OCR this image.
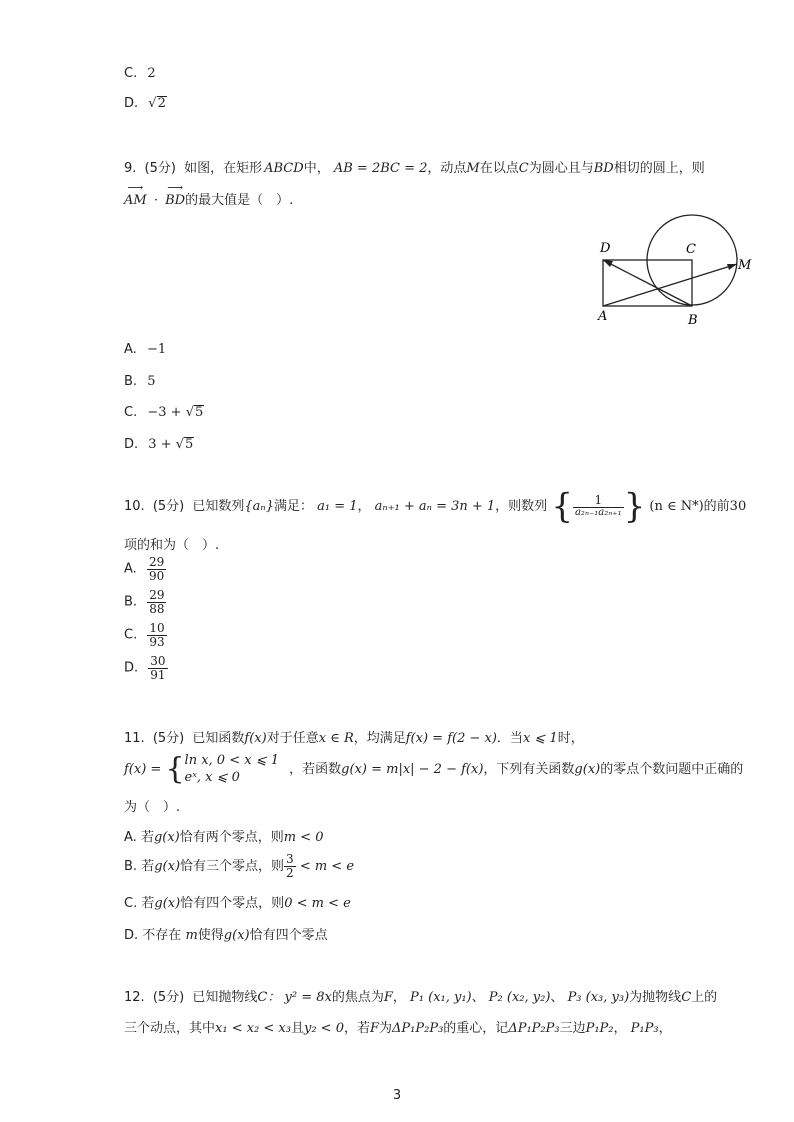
C. 2
D. √2
9. (5分) 如图，在矩形 ABCD中， AB = 2BC = 2，动点M在以点C为圆心且与BD相切的圆上，则
⟶ AM · ⟶ BD的最大值是（　）.
D	C
M
A	B
A. −1
B. 5
C. −3 + √5
D. 3 + √5
10. (5分) 已知数列{aₙ}满足： a₁ = 1， aₙ₊₁ + aₙ = 3n + 1，则数列 { $\frac{1}{\text{a₂ₙ₋₁a₂ₙ₊₁}}$ } (n ∈ N*)的前30
项的和为（　）.
A. $\frac{29}{90}$
B. $\frac{29}{88}$
C. $\frac{10}{93}$
D. $\frac{30}{91}$
11. (5分) 已知函数f(x)对于任意x ∈ R，均满足f(x) = f(2 − x)．当x ⩽ 1时，
f(x) = { ln x, 0 < x ⩽ 1
eˣ, x ⩽ 0	，若函数g(x) = m|x| − 2 − f(x)，下列有关函数g(x)的零点个数问题中正确的
为（　）.
A. 若g(x)恰有两个零点，则m < 0
B. 若g(x)恰有三个零点，则 $\frac{3}{2} < m < e$
C. 若g(x)恰有四个零点，则0 < m < e
D. 不存在 m使得g(x)恰有四个零点
12. (5分) 已知抛物线C： y² = 8x的焦点为F， P₁ (x₁, y₁)、 P₂ (x₂, y₂)、 P₃ (x₃, y₃)为抛物线C上的
三个动点，其中x₁ < x₂ < x₃且y₂ < 0，若F为ΔP₁P₂P₃的重心，记ΔP₁P₂P₃三边P₁P₂， P₁P₃，
3
